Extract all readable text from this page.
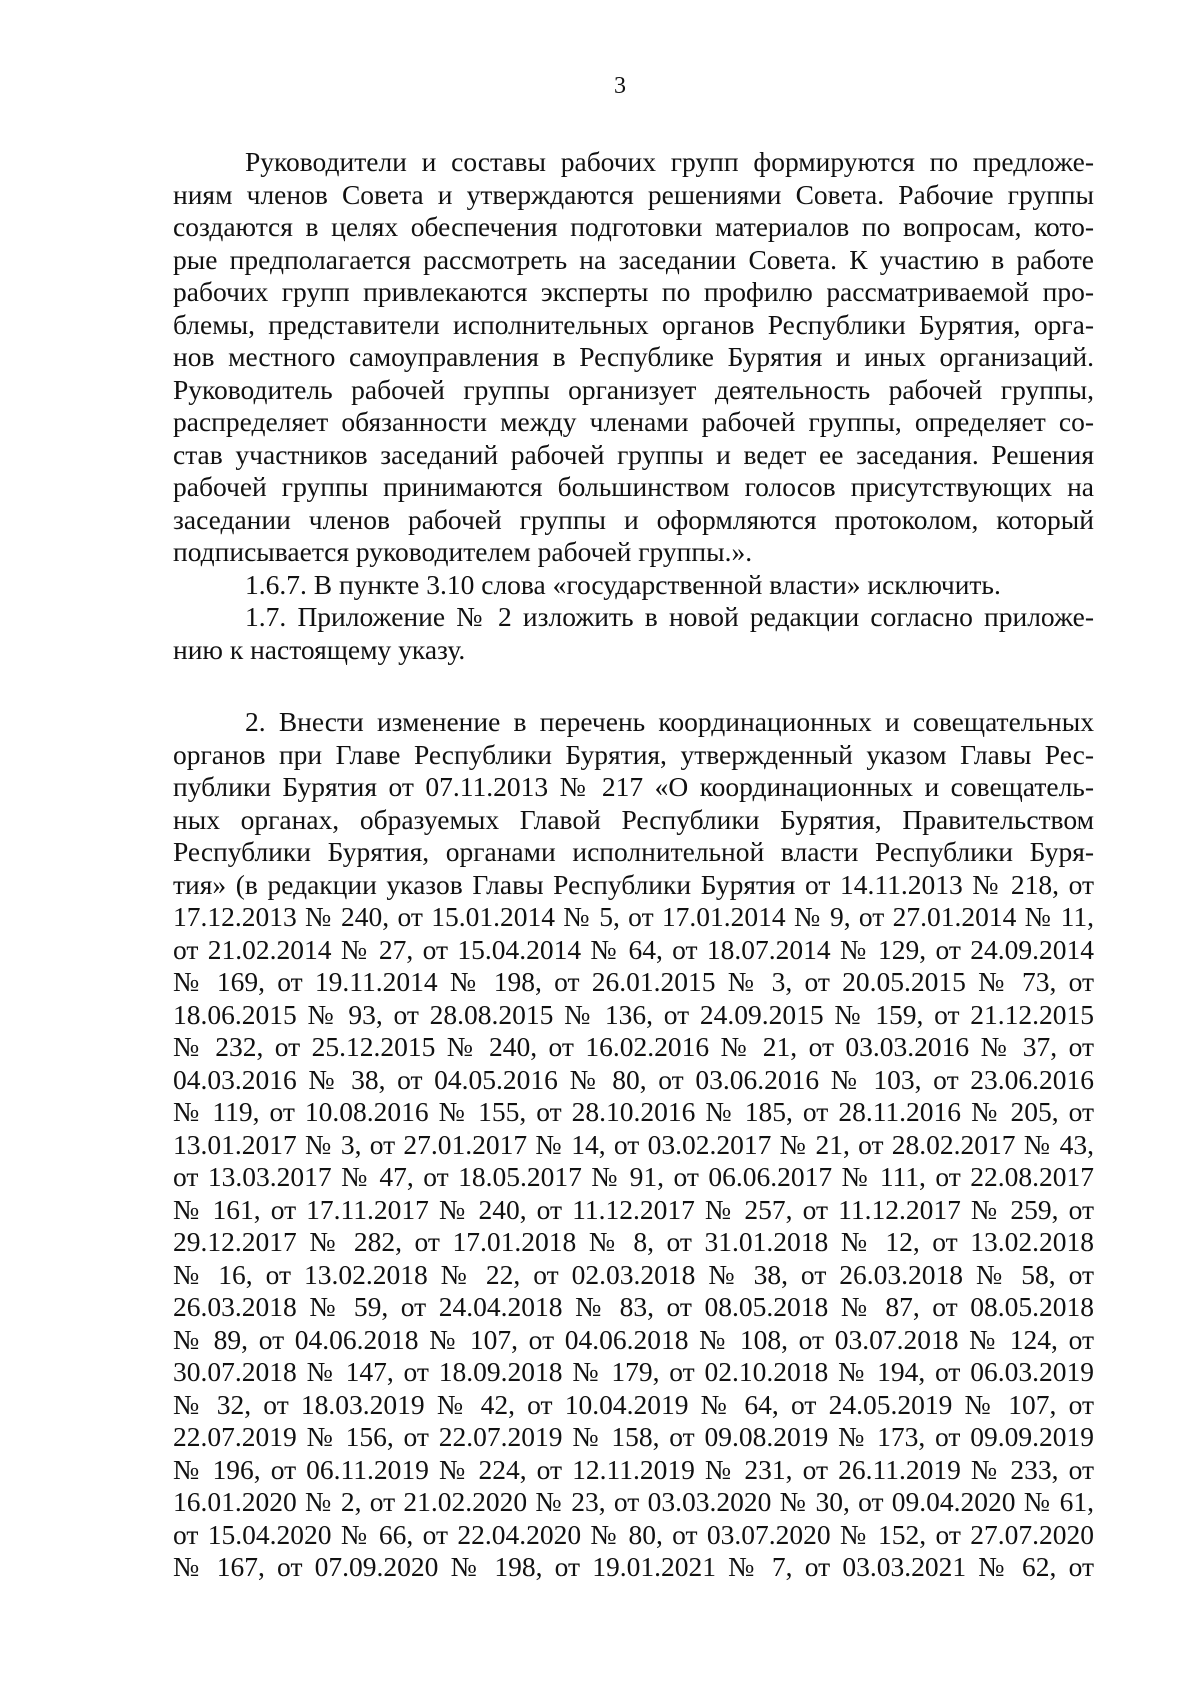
3
Руководители и составы рабочих групп формируются по предложе-
ниям членов Совета и утверждаются решениями Совета. Рабочие группы
создаются в целях обеспечения подготовки материалов по вопросам, кото-
рые предполагается рассмотреть на заседании Совета. К участию в работе
рабочих групп привлекаются эксперты по профилю рассматриваемой про-
блемы, представители исполнительных органов Республики Бурятия, орга-
нов местного самоуправления в Республике Бурятия и иных организаций.
Руководитель рабочей группы организует деятельность рабочей группы,
распределяет обязанности между членами рабочей группы, определяет со-
став участников заседаний рабочей группы и ведет ее заседания. Решения
рабочей группы принимаются большинством голосов присутствующих на
заседании членов рабочей группы и оформляются протоколом, который
подписывается руководителем рабочей группы.».
1.6.7. В пункте 3.10 слова «государственной власти» исключить.
1.7. Приложение № 2 изложить в новой редакции согласно приложе-
нию к настоящему указу.
2. Внести изменение в перечень координационных и совещательных
органов при Главе Республики Бурятия, утвержденный указом Главы Рес-
публики Бурятия от 07.11.2013 № 217 «О координационных и совещатель-
ных органах, образуемых Главой Республики Бурятия, Правительством
Республики Бурятия, органами исполнительной власти Республики Буря-
тия» (в редакции указов Главы Республики Бурятия от 14.11.2013 № 218, от
17.12.2013 № 240, от 15.01.2014 № 5, от 17.01.2014 № 9, от 27.01.2014 № 11,
от 21.02.2014 № 27, от 15.04.2014 № 64, от 18.07.2014 № 129, от 24.09.2014
№ 169, от 19.11.2014 № 198, от 26.01.2015 № 3, от 20.05.2015 № 73, от
18.06.2015 № 93, от 28.08.2015 № 136, от 24.09.2015 № 159, от 21.12.2015
№ 232, от 25.12.2015 № 240, от 16.02.2016 № 21, от 03.03.2016 № 37, от
04.03.2016 № 38, от 04.05.2016 № 80, от 03.06.2016 № 103, от 23.06.2016
№ 119, от 10.08.2016 № 155, от 28.10.2016 № 185, от 28.11.2016 № 205, от
13.01.2017 № 3, от 27.01.2017 № 14, от 03.02.2017 № 21, от 28.02.2017 № 43,
от 13.03.2017 № 47, от 18.05.2017 № 91, от 06.06.2017 № 111, от 22.08.2017
№ 161, от 17.11.2017 № 240, от 11.12.2017 № 257, от 11.12.2017 № 259, от
29.12.2017 № 282, от 17.01.2018 № 8, от 31.01.2018 № 12, от 13.02.2018
№ 16, от 13.02.2018 № 22, от 02.03.2018 № 38, от 26.03.2018 № 58, от
26.03.2018 № 59, от 24.04.2018 № 83, от 08.05.2018 № 87, от 08.05.2018
№ 89, от 04.06.2018 № 107, от 04.06.2018 № 108, от 03.07.2018 № 124, от
30.07.2018 № 147, от 18.09.2018 № 179, от 02.10.2018 № 194, от 06.03.2019
№ 32, от 18.03.2019 № 42, от 10.04.2019 № 64, от 24.05.2019 № 107, от
22.07.2019 № 156, от 22.07.2019 № 158, от 09.08.2019 № 173, от 09.09.2019
№ 196, от 06.11.2019 № 224, от 12.11.2019 № 231, от 26.11.2019 № 233, от
16.01.2020 № 2, от 21.02.2020 № 23, от 03.03.2020 № 30, от 09.04.2020 № 61,
от 15.04.2020 № 66, от 22.04.2020 № 80, от 03.07.2020 № 152, от 27.07.2020
№ 167, от 07.09.2020 № 198, от 19.01.2021 № 7, от 03.03.2021 № 62, от
